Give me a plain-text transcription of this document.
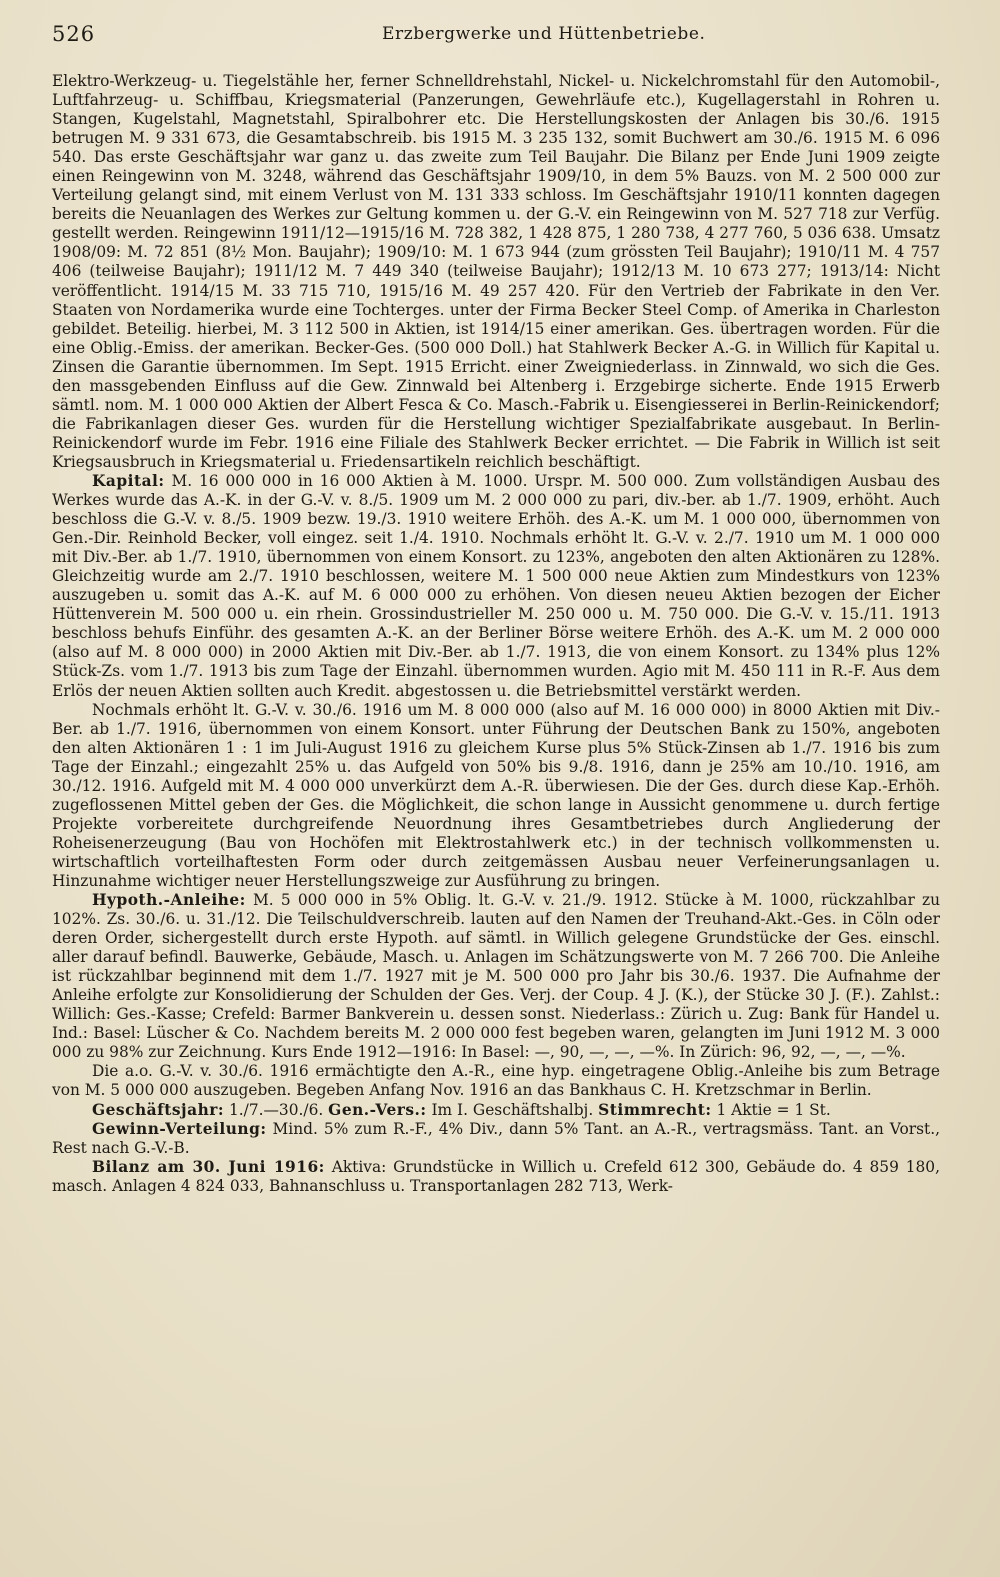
526	Erzbergwerke und Hüttenbetriebe.

Elektro-Werkzeug- u. Tiegelstähle her, ferner Schnelldrehstahl, Nickel- u. Nickelchromstahl für den Automobil-, Luftfahrzeug- u. Schiffbau, Kriegsmaterial (Panzerungen, Gewehrläufe etc.), Kugellagerstahl in Rohren u. Stangen, Kugelstahl, Magnetstahl, Spiralbohrer etc. Die Herstellungskosten der Anlagen bis 30./6. 1915 betrugen M. 9 331 673, die Gesamtabschreib. bis 1915 M. 3 235 132, somit Buchwert am 30./6. 1915 M. 6 096 540. Das erste Geschäftsjahr war ganz u. das zweite zum Teil Baujahr. Die Bilanz per Ende Juni 1909 zeigte einen Reingewinn von M. 3248, während das Geschäftsjahr 1909/10, in dem 5% Bauzs. von M. 2 500 000 zur Verteilung gelangt sind, mit einem Verlust von M. 131 333 schloss. Im Geschäftsjahr 1910/11 konnten dagegen bereits die Neuanlagen des Werkes zur Geltung kommen u. der G.-V. ein Reingewinn von M. 527 718 zur Verfüg. gestellt werden. Reingewinn 1911/12—1915/16 M. 728 382, 1 428 875, 1 280 738, 4 277 760, 5 036 638. Umsatz 1908/09: M. 72 851 (8½ Mon. Baujahr); 1909/10: M. 1 673 944 (zum grössten Teil Baujahr); 1910/11 M. 4 757 406 (teilweise Baujahr); 1911/12 M. 7 449 340 (teilweise Baujahr); 1912/13 M. 10 673 277; 1913/14: Nicht veröffentlicht. 1914/15 M. 33 715 710, 1915/16 M. 49 257 420. Für den Vertrieb der Fabrikate in den Ver. Staaten von Nordamerika wurde eine Tochterges. unter der Firma Becker Steel Comp. of Amerika in Charleston gebildet. Beteilig. hierbei, M. 3 112 500 in Aktien, ist 1914/15 einer amerikan. Ges. übertragen worden. Für die eine Oblig.-Emiss. der amerikan. Becker-Ges. (500 000 Doll.) hat Stahlwerk Becker A.-G. in Willich für Kapital u. Zinsen die Garantie übernommen. Im Sept. 1915 Erricht. einer Zweigniederlass. in Zinnwald, wo sich die Ges. den massgebenden Einfluss auf die Gew. Zinnwald bei Altenberg i. Erzgebirge sicherte. Ende 1915 Erwerb sämtl. nom. M. 1 000 000 Aktien der Albert Fesca & Co. Masch.-Fabrik u. Eisengiesserei in Berlin-Reinickendorf; die Fabrikanlagen dieser Ges. wurden für die Herstellung wichtiger Spezialfabrikate ausgebaut. In Berlin-Reinickendorf wurde im Febr. 1916 eine Filiale des Stahlwerk Becker errichtet. — Die Fabrik in Willich ist seit Kriegsausbruch in Kriegsmaterial u. Friedensartikeln reichlich beschäftigt.

Kapital: M. 16 000 000 in 16 000 Aktien à M. 1000. Urspr. M. 500 000. Zum vollständigen Ausbau des Werkes wurde das A.-K. in der G.-V. v. 8./5. 1909 um M. 2 000 000 zu pari, div.-ber. ab 1./7. 1909, erhöht. Auch beschloss die G.-V. v. 8./5. 1909 bezw. 19./3. 1910 weitere Erhöh. des A.-K. um M. 1 000 000, übernommen von Gen.-Dir. Reinhold Becker, voll eingez. seit 1./4. 1910. Nochmals erhöht lt. G.-V. v. 2./7. 1910 um M. 1 000 000 mit Div.-Ber. ab 1./7. 1910, übernommen von einem Konsort. zu 123%, angeboten den alten Aktionären zu 128%. Gleichzeitig wurde am 2./7. 1910 beschlossen, weitere M. 1 500 000 neue Aktien zum Mindestkurs von 123% auszugeben u. somit das A.-K. auf M. 6 000 000 zu erhöhen. Von diesen neueu Aktien bezogen der Eicher Hüttenverein M. 500 000 u. ein rhein. Grossindustrieller M. 250 000 u. M. 750 000. Die G.-V. v. 15./11. 1913 beschloss behufs Einführ. des gesamten A.-K. an der Berliner Börse weitere Erhöh. des A.-K. um M. 2 000 000 (also auf M. 8 000 000) in 2000 Aktien mit Div.-Ber. ab 1./7. 1913, die von einem Konsort. zu 134% plus 12% Stück-Zs. vom 1./7. 1913 bis zum Tage der Einzahl. übernommen wurden. Agio mit M. 450 111 in R.-F. Aus dem Erlös der neuen Aktien sollten auch Kredit. abgestossen u. die Betriebsmittel verstärkt werden.

Nochmals erhöht lt. G.-V. v. 30./6. 1916 um M. 8 000 000 (also auf M. 16 000 000) in 8000 Aktien mit Div.-Ber. ab 1./7. 1916, übernommen von einem Konsort. unter Führung der Deutschen Bank zu 150%, angeboten den alten Aktionären 1 : 1 im Juli-August 1916 zu gleichem Kurse plus 5% Stück-Zinsen ab 1./7. 1916 bis zum Tage der Einzahl.; eingezahlt 25% u. das Aufgeld von 50% bis 9./8. 1916, dann je 25% am 10./10. 1916, am 30./12. 1916. Aufgeld mit M. 4 000 000 unverkürzt dem A.-R. überwiesen. Die der Ges. durch diese Kap.-Erhöh. zugeflossenen Mittel geben der Ges. die Möglichkeit, die schon lange in Aussicht genommene u. durch fertige Projekte vorbereitete durchgreifende Neuordnung ihres Gesamtbetriebes durch Angliederung der Roheisenerzeugung (Bau von Hochöfen mit Elektrostahlwerk etc.) in der technisch vollkommensten u. wirtschaftlich vorteilhaftesten Form oder durch zeitgemässen Ausbau neuer Verfeinerungsanlagen u. Hinzunahme wichtiger neuer Herstellungszweige zur Ausführung zu bringen.

Hypoth.-Anleihe: M. 5 000 000 in 5% Oblig. lt. G.-V. v. 21./9. 1912. Stücke à M. 1000, rückzahlbar zu 102%. Zs. 30./6. u. 31./12. Die Teilschuldverschreib. lauten auf den Namen der Treuhand-Akt.-Ges. in Cöln oder deren Order, sichergestellt durch erste Hypoth. auf sämtl. in Willich gelegene Grundstücke der Ges. einschl. aller darauf befindl. Bauwerke, Gebäude, Masch. u. Anlagen im Schätzungswerte von M. 7 266 700. Die Anleihe ist rückzahlbar beginnend mit dem 1./7. 1927 mit je M. 500 000 pro Jahr bis 30./6. 1937. Die Aufnahme der Anleihe erfolgte zur Konsolidierung der Schulden der Ges. Verj. der Coup. 4 J. (K.), der Stücke 30 J. (F.). Zahlst.: Willich: Ges.-Kasse; Crefeld: Barmer Bankverein u. dessen sonst. Niederlass.: Zürich u. Zug: Bank für Handel u. Ind.: Basel: Lüscher & Co. Nachdem bereits M. 2 000 000 fest begeben waren, gelangten im Juni 1912 M. 3 000 000 zu 98% zur Zeichnung. Kurs Ende 1912—1916: In Basel: —, 90, —, —, —%. In Zürich: 96, 92, —, —, —%.

Die a.o. G.-V. v. 30./6. 1916 ermächtigte den A.-R., eine hyp. eingetragene Oblig.-Anleihe bis zum Betrage von M. 5 000 000 auszugeben. Begeben Anfang Nov. 1916 an das Bankhaus C. H. Kretzschmar in Berlin.

Geschäftsjahr: 1./7.—30./6. Gen.-Vers.: Im I. Geschäftshalbj. Stimmrecht: 1 Aktie = 1 St.

Gewinn-Verteilung: Mind. 5% zum R.-F., 4% Div., dann 5% Tant. an A.-R., vertragsmäss. Tant. an Vorst., Rest nach G.-V.-B.

Bilanz am 30. Juni 1916: Aktiva: Grundstücke in Willich u. Crefeld 612 300, Gebäude do. 4 859 180, masch. Anlagen 4 824 033, Bahnanschluss u. Transportanlagen 282 713, Werk-
